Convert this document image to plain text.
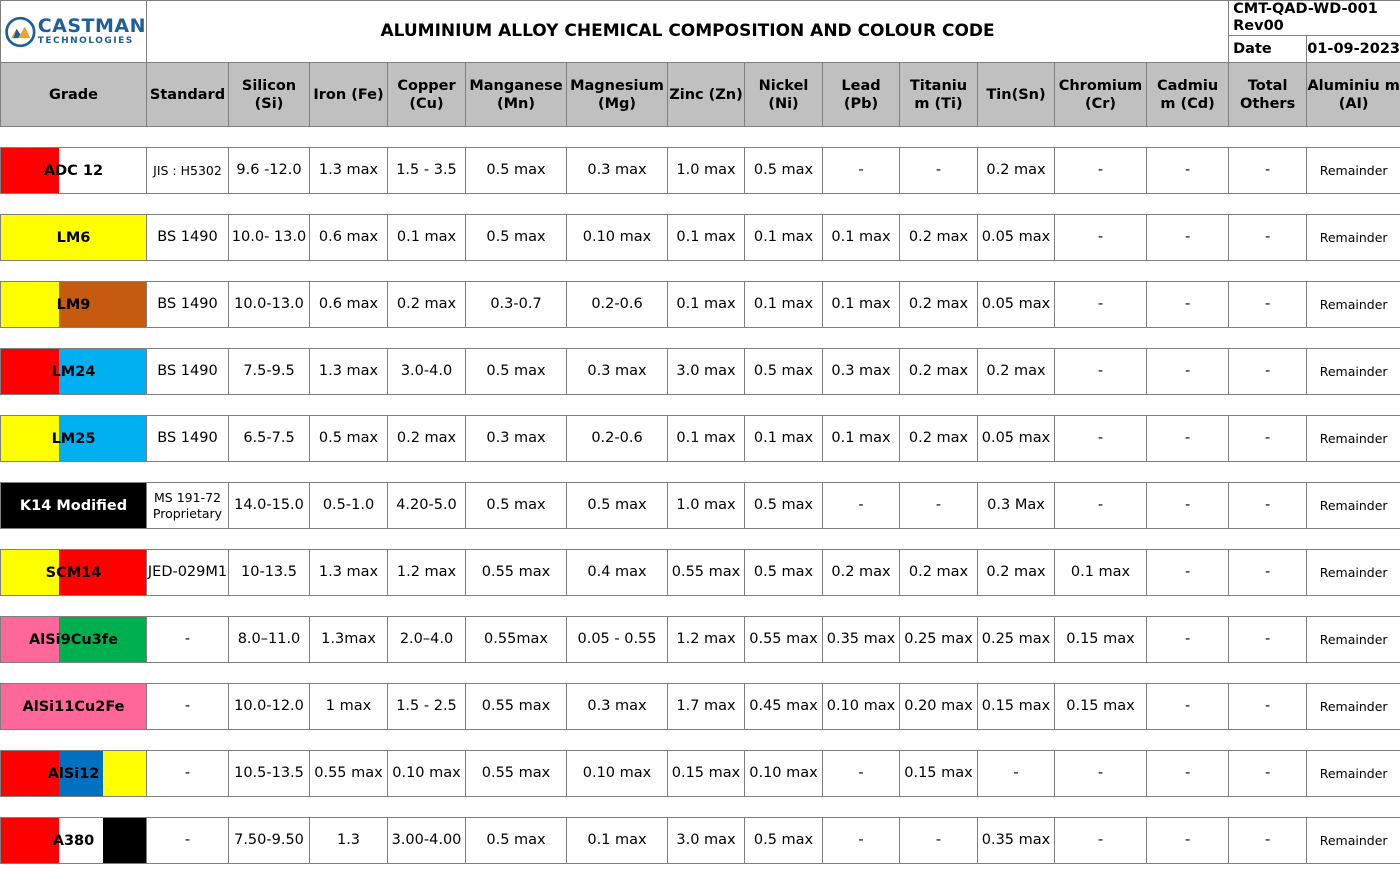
CASTMAN
TECHNOLOGIES	ALUMINIUM ALLOY CHEMICAL COMPOSITION AND COLOUR CODE													CMT-QAD-WD-001 Rev00	
														Date	01-09-2023
Grade	Standard	Silicon (Si)	Iron (Fe)	Copper (Cu)	Manganese (Mn)	Magnesium (Mg)	Zinc (Zn)	Nickel (Ni)	Lead (Pb)	Titaniu m (Ti)	Tin(Sn)	Chromium (Cr)	Cadmiu m (Cd)	Total Others	Aluminiu m (AI)

ADC 12	JIS : H5302	9.6 -12.0	1.3 max	1.5 - 3.5	0.5 max	0.3 max	1.0 max	0.5 max	-	-	0.2 max	-	-	-	Remainder

LM6	BS 1490	10.0- 13.0	0.6 max	0.1 max	0.5 max	0.10 max	0.1 max	0.1 max	0.1 max	0.2 max	0.05 max	-	-	-	Remainder

LM9	BS 1490	10.0-13.0	0.6 max	0.2 max	0.3-0.7	0.2-0.6	0.1 max	0.1 max	0.1 max	0.2 max	0.05 max	-	-	-	Remainder

LM24	BS 1490	7.5-9.5	1.3 max	3.0-4.0	0.5 max	0.3 max	3.0 max	0.5 max	0.3 max	0.2 max	0.2 max	-	-	-	Remainder

LM25	BS 1490	6.5-7.5	0.5 max	0.2 max	0.3 max	0.2-0.6	0.1 max	0.1 max	0.1 max	0.2 max	0.05 max	-	-	-	Remainder

K14 Modified	MS 191-72 Proprietary	14.0-15.0	0.5-1.0	4.20-5.0	0.5 max	0.5 max	1.0 max	0.5 max	-	-	0.3 Max	-	-	-	Remainder

SCM14	JED-029M1	10-13.5	1.3 max	1.2 max	0.55 max	0.4 max	0.55 max	0.5 max	0.2 max	0.2 max	0.2 max	0.1 max	-	-	Remainder

AlSi9Cu3fe	-	8.0–11.0	1.3max	2.0–4.0	0.55max	0.05 - 0.55	1.2 max	0.55 max	0.35 max	0.25 max	0.25 max	0.15 max	-	-	Remainder

AlSi11Cu2Fe	-	10.0-12.0	1 max	1.5 - 2.5	0.55 max	0.3 max	1.7 max	0.45 max	0.10 max	0.20 max	0.15 max	0.15 max	-	-	Remainder

AlSi12	-	10.5-13.5	0.55 max	0.10 max	0.55 max	0.10 max	0.15 max	0.10 max	-	0.15 max	-	-	-	-	Remainder

A380	-	7.50-9.50	1.3	3.00-4.00	0.5 max	0.1 max	3.0 max	0.5 max	-	-	0.35 max	-	-	-	Remainder
